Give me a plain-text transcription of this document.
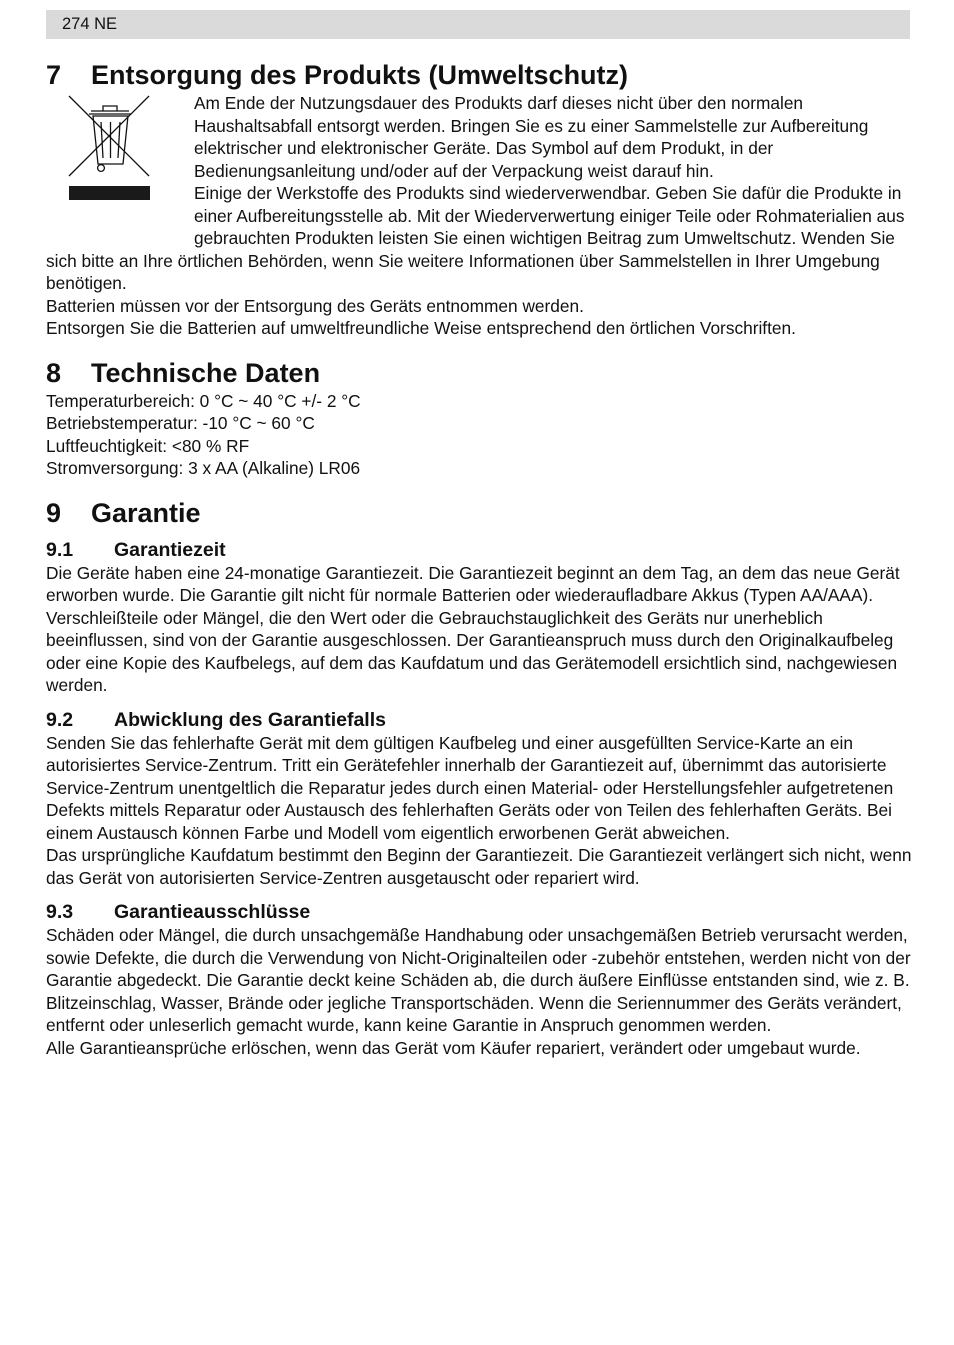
274 NE
7 Entsorgung des Produkts (Umweltschutz)

Am Ende der Nutzungsdauer des Produkts darf dieses nicht über den normalen Haushaltsabfall entsorgt werden. Bringen Sie es zu einer Sammelstelle zur Aufbereitung elektrischer und elektronischer Geräte. Das Symbol auf dem Produkt, in der Bedienungsanleitung und/oder auf der Verpackung weist darauf hin.

Einige der Werkstoffe des Produkts sind wiederverwendbar. Geben Sie dafür die Produkte in einer Aufbereitungsstelle ab. Mit der Wiederverwertung einiger Teile oder Rohmaterialien aus gebrauchten Produkten leisten Sie einen wichtigen Beitrag zum Umweltschutz. Wenden Sie sich bitte an Ihre örtlichen Behörden, wenn Sie weitere Informationen über Sammelstellen in Ihrer Umgebung benötigen.

Batterien müssen vor der Entsorgung des Geräts entnommen werden.

Entsorgen Sie die Batterien auf umweltfreundliche Weise entsprechend den örtlichen Vorschriften.

8 Technische Daten

Temperaturbereich: 0 °C ~ 40 °C +/- 2 °C

Betriebstemperatur: -10 °C ~ 60 °C

Luftfeuchtigkeit: <80 % RF

Stromversorgung: 3 x AA (Alkaline) LR06

9 Garantie
9.1 Garantiezeit

Die Geräte haben eine 24-monatige Garantiezeit. Die Garantiezeit beginnt an dem Tag, an dem das neue Gerät erworben wurde. Die Garantie gilt nicht für normale Batterien oder wiederaufladbare Akkus (Typen AA/AAA). Verschleißteile oder Mängel, die den Wert oder die Gebrauchstauglichkeit des Geräts nur unerheblich beeinflussen, sind von der Garantie ausgeschlossen. Der Garantieanspruch muss durch den Originalkaufbeleg oder eine Kopie des Kaufbelegs, auf dem das Kaufdatum und das Gerätemodell ersichtlich sind, nachgewiesen werden.

9.2 Abwicklung des Garantiefalls

Senden Sie das fehlerhafte Gerät mit dem gültigen Kaufbeleg und einer ausgefüllten Service-Karte an ein autorisiertes Service-Zentrum. Tritt ein Gerätefehler innerhalb der Garantiezeit auf, übernimmt das autorisierte Service-Zentrum unentgeltlich die Reparatur jedes durch einen Material- oder Herstellungsfehler aufgetretenen Defekts mittels Reparatur oder Austausch des fehlerhaften Geräts oder von Teilen des fehlerhaften Geräts. Bei einem Austausch können Farbe und Modell vom eigentlich erworbenen Gerät abweichen.

Das ursprüngliche Kaufdatum bestimmt den Beginn der Garantiezeit. Die Garantiezeit verlängert sich nicht, wenn das Gerät von autorisierten Service-Zentren ausgetauscht oder repariert wird.

9.3 Garantieausschlüsse

Schäden oder Mängel, die durch unsachgemäße Handhabung oder unsachgemäßen Betrieb verursacht werden, sowie Defekte, die durch die Verwendung von Nicht-Originalteilen oder -zubehör entstehen, werden nicht von der Garantie abgedeckt. Die Garantie deckt keine Schäden ab, die durch äußere Einflüsse entstanden sind, wie z. B. Blitzeinschlag, Wasser, Brände oder jegliche Transportschäden. Wenn die Seriennummer des Geräts verändert, entfernt oder unleserlich gemacht wurde, kann keine Garantie in Anspruch genommen werden.

Alle Garantieansprüche erlöschen, wenn das Gerät vom Käufer repariert, verändert oder umgebaut wurde.
